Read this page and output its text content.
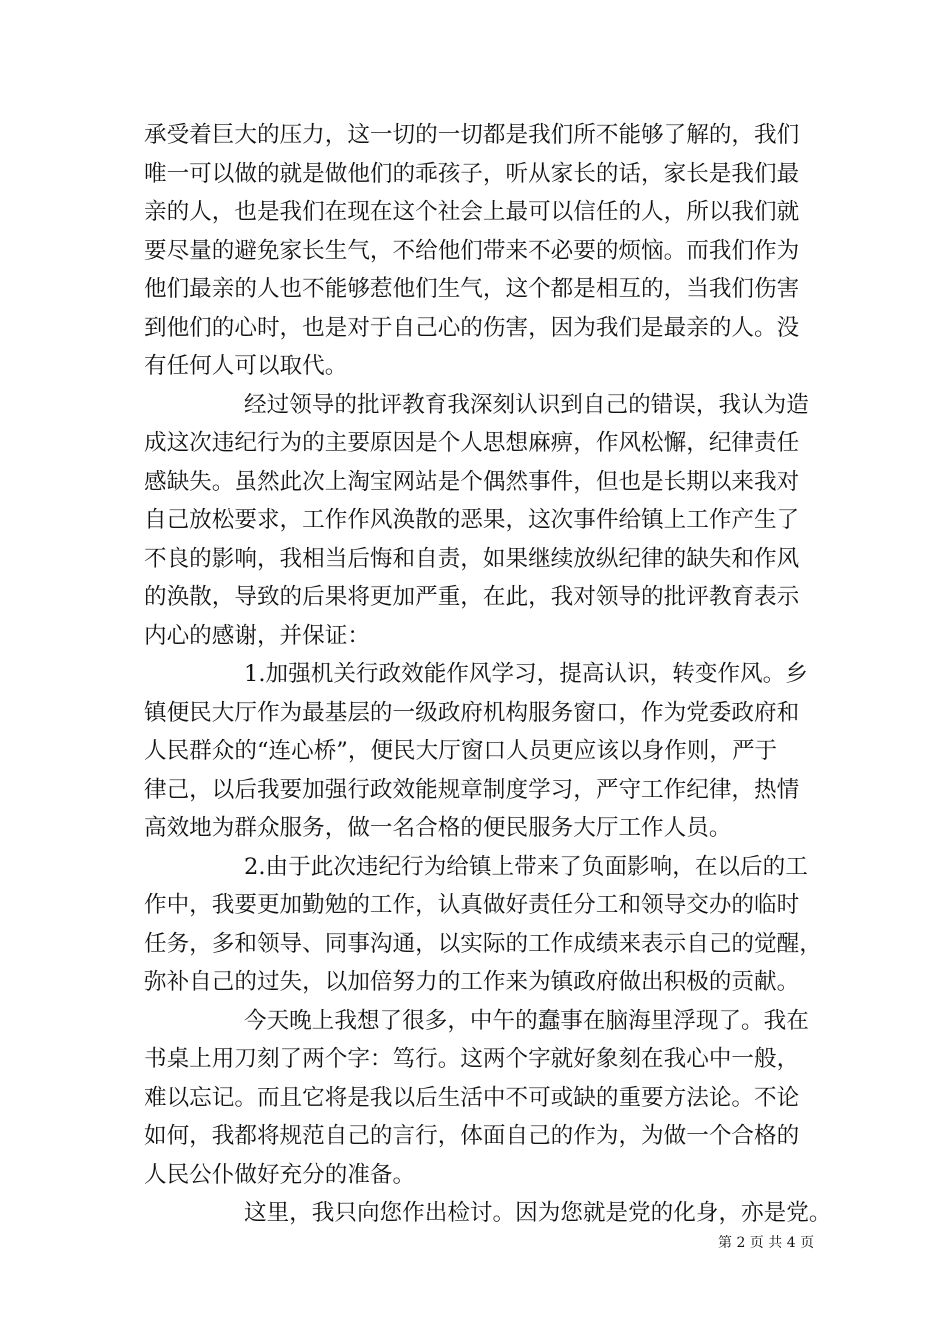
承受着巨大的压力，这一切的一切都是我们所不能够了解的，我们
唯一可以做的就是做他们的乖孩子，听从家长的话，家长是我们最
亲的人，也是我们在现在这个社会上最可以信任的人，所以我们就
要尽量的避免家长生气，不给他们带来不必要的烦恼。而我们作为
他们最亲的人也不能够惹他们生气，这个都是相互的，当我们伤害
到他们的心时，也是对于自己心的伤害，因为我们是最亲的人。没
有任何人可以取代。
经过领导的批评教育我深刻认识到自己的错误，我认为造
成这次违纪行为的主要原因是个人思想麻痹，作风松懈，纪律责任
感缺失。虽然此次上淘宝网站是个偶然事件，但也是长期以来我对
自己放松要求，工作作风涣散的恶果，这次事件给镇上工作产生了
不良的影响，我相当后悔和自责，如果继续放纵纪律的缺失和作风
的涣散，导致的后果将更加严重，在此，我对领导的批评教育表示
内心的感谢，并保证：
1.加强机关行政效能作风学习，提高认识，转变作风。乡
镇便民大厅作为最基层的一级政府机构服务窗口，作为党委政府和
人民群众的“连心桥”，便民大厅窗口人员更应该以身作则，严于
律己，以后我要加强行政效能规章制度学习，严守工作纪律，热情
高效地为群众服务，做一名合格的便民服务大厅工作人员。
2.由于此次违纪行为给镇上带来了负面影响，在以后的工
作中，我要更加勤勉的工作，认真做好责任分工和领导交办的临时
任务，多和领导、同事沟通，以实际的工作成绩来表示自己的觉醒，
弥补自己的过失，以加倍努力的工作来为镇政府做出积极的贡献。
今天晚上我想了很多，中午的蠢事在脑海里浮现了。我在
书桌上用刀刻了两个字：笃行。这两个字就好象刻在我心中一般，
难以忘记。而且它将是我以后生活中不可或缺的重要方法论。不论
如何，我都将规范自己的言行，体面自己的作为，为做一个合格的
人民公仆做好充分的准备。
这里，我只向您作出检讨。因为您就是党的化身，亦是党。
第 2 页 共 4 页
